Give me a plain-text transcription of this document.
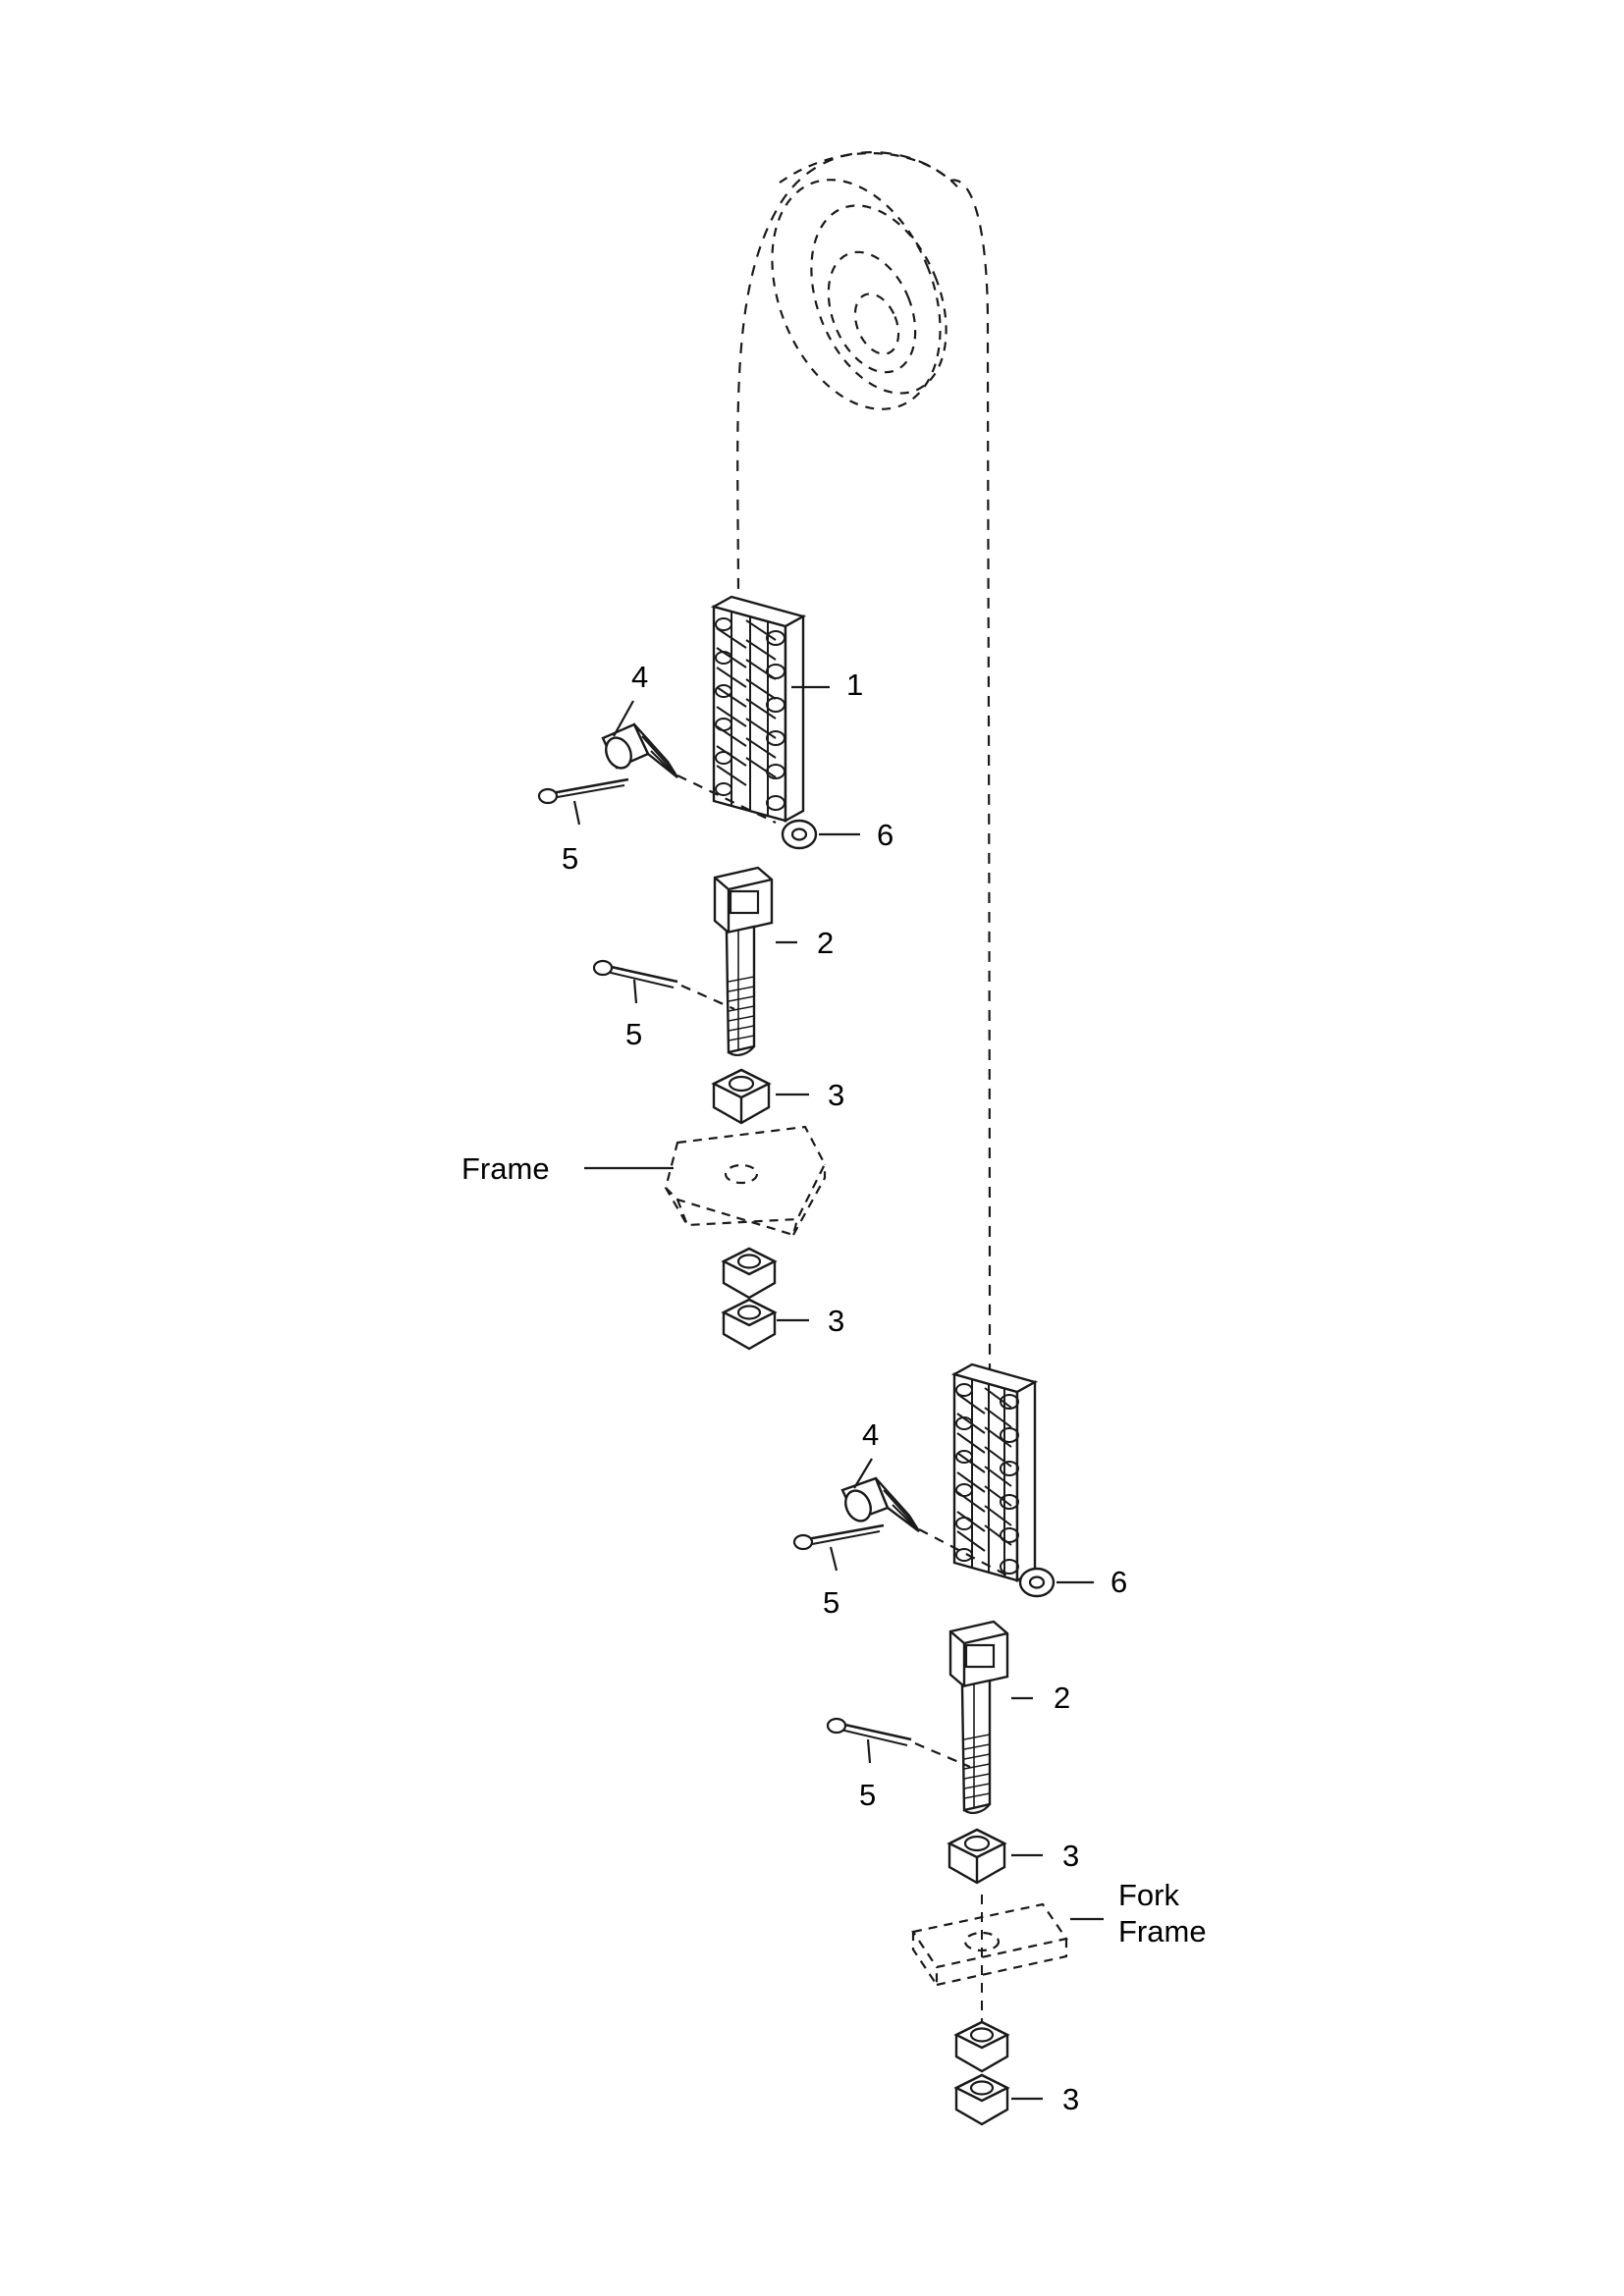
1
4
5
6
2
5
3
3
4
5
6
2
5
3
3
Frame
Fork
Frame
